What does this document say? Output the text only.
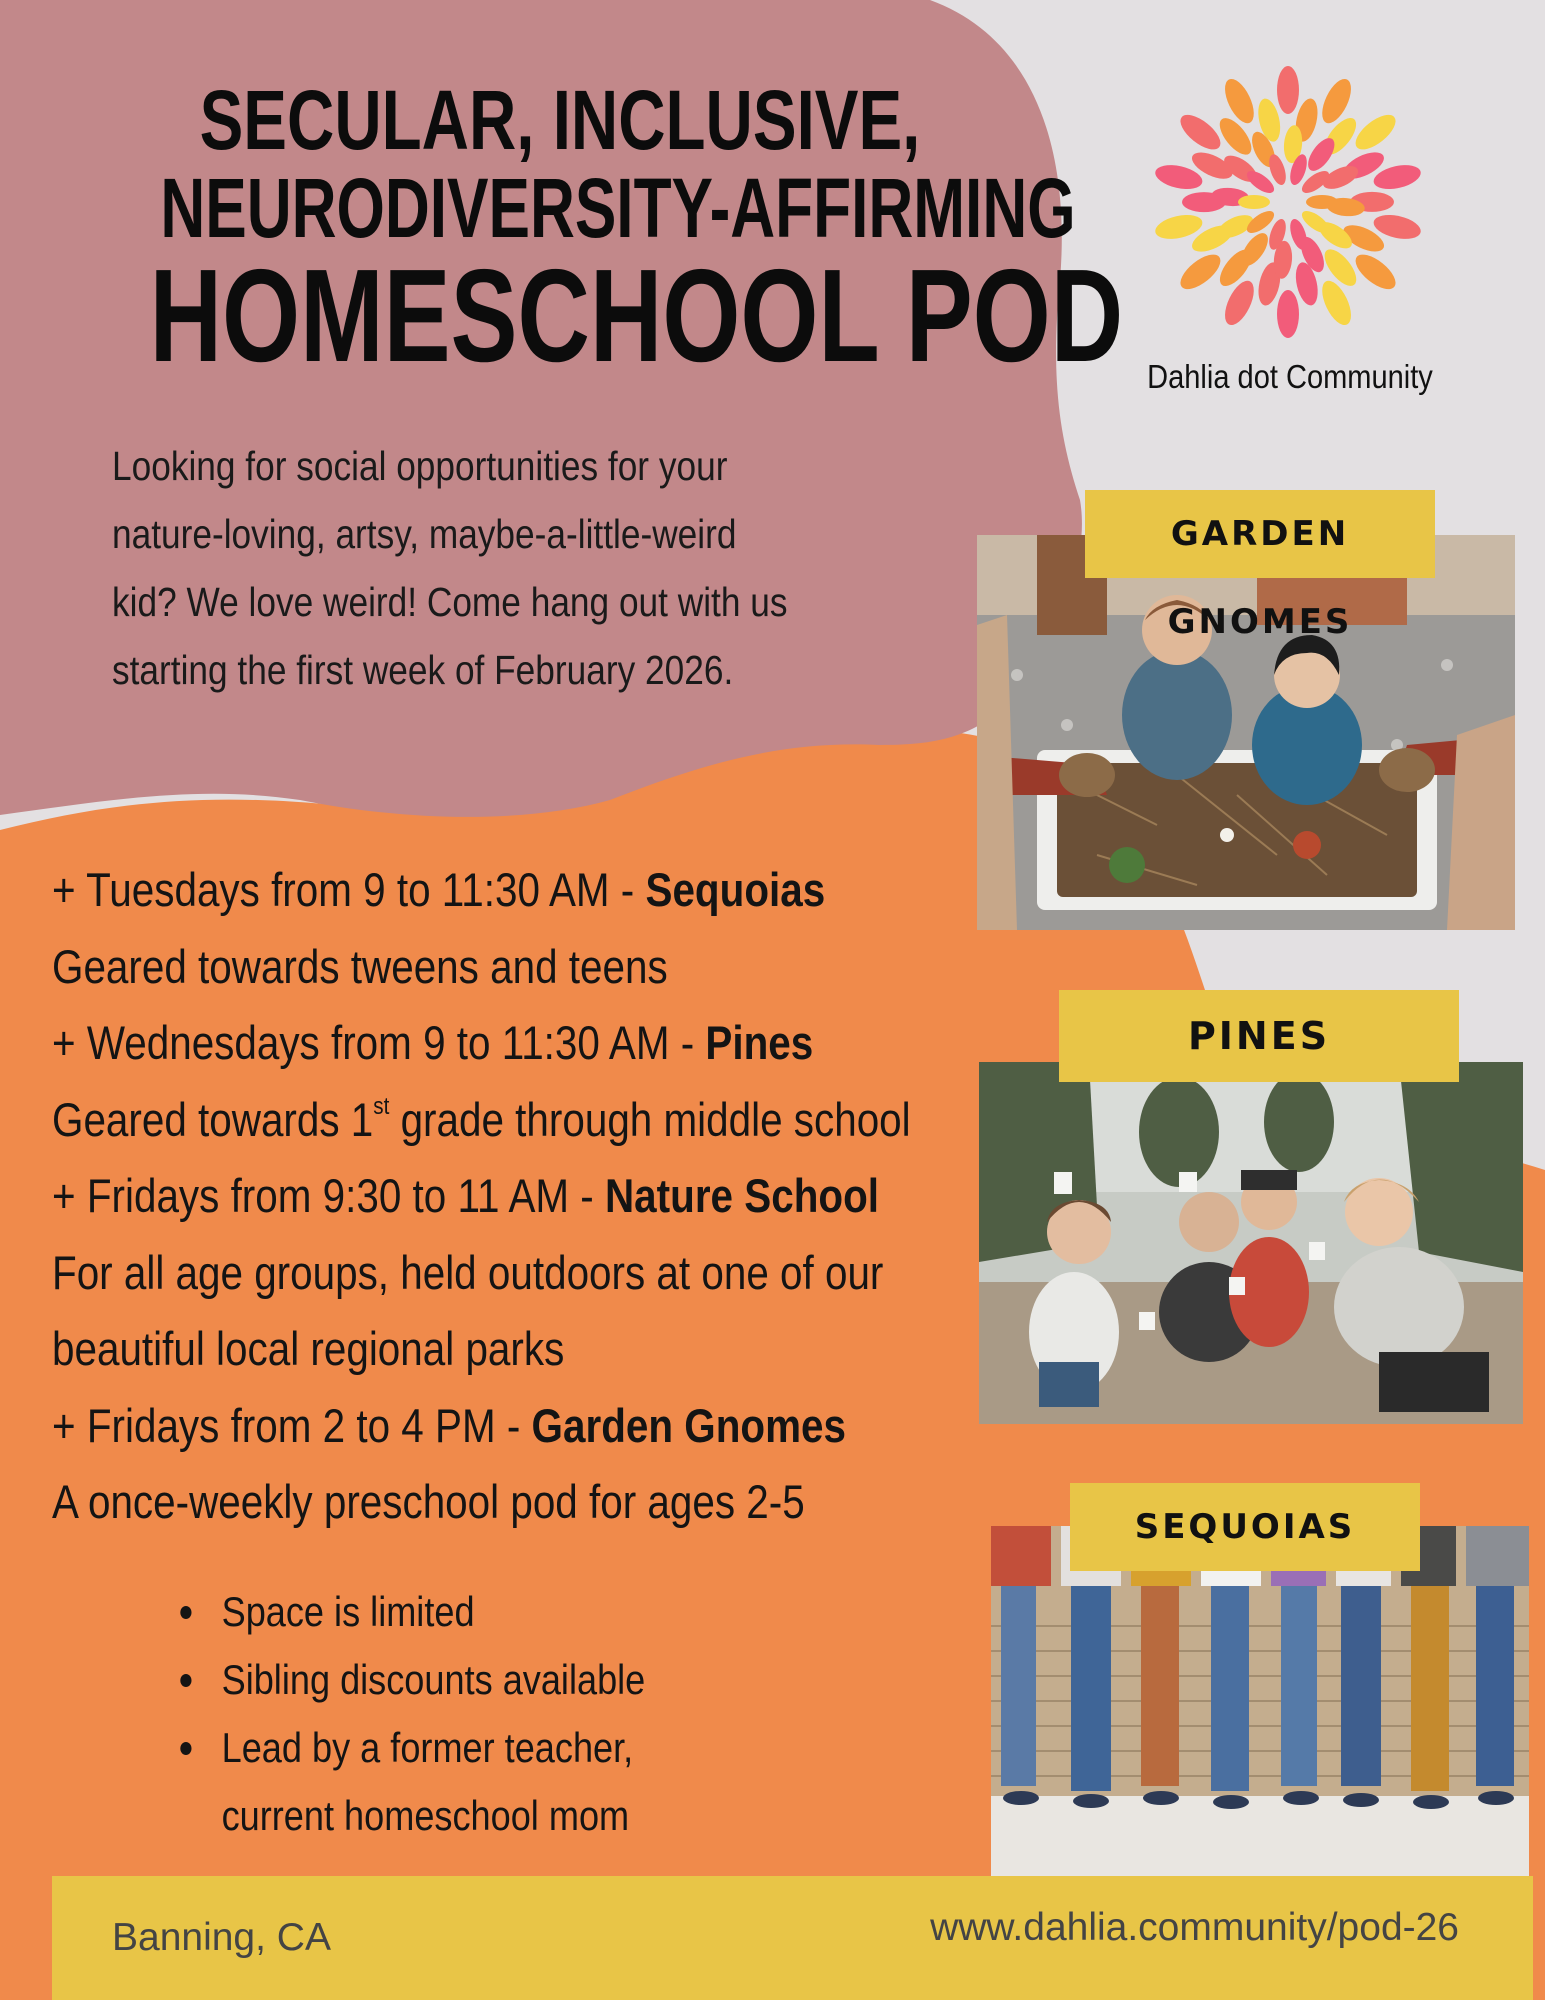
SECULAR, INCLUSIVE,
NEURODIVERSITY-AFFIRMING
HOMESCHOOL POD Dahlia dot Community
Looking for social opportunities for your
nature-loving, artsy, maybe-a-little-weird
kid? We love weird! Come hang out with us
starting the first week of February 2026.
+ Tuesdays from 9 to 11:30 AM - Sequoias
Geared towards tweens and teens
+ Wednesdays from 9 to 11:30 AM - Pines
Geared towards 1st grade through middle school
+ Fridays from 9:30 to 11 AM - Nature School
For all age groups, held outdoors at one of our
beautiful local regional parks
+ Fridays from 2 to 4 PM - Garden Gnomes
A once-weekly preschool pod for ages 2-5
Space is limited
Sibling discounts available
Lead by a former teacher,
current homeschool mom
GARDEN GNOMES
PINES
SEQUOIAS
Banning, CA	www.dahlia.community/pod-26
